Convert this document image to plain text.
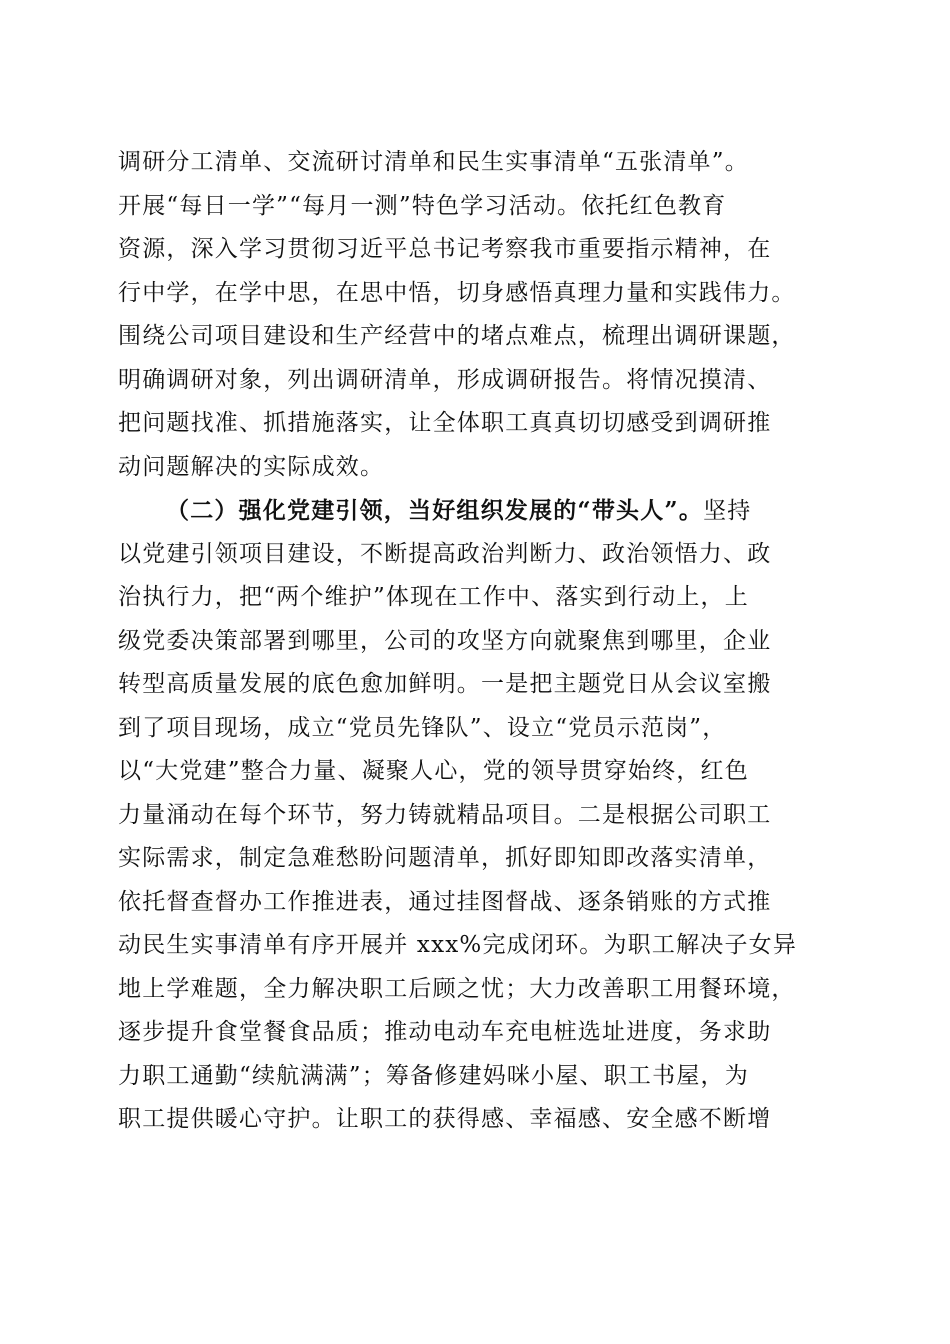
调研分工清单、交流研讨清单和民生实事清单“五张清单”。
开展“每日一学”“每月一测”特色学习活动。依托红色教育
资源，深入学习贯彻习近平总书记考察我市重要指示精神，在
行中学，在学中思，在思中悟，切身感悟真理力量和实践伟力。
围绕公司项目建设和生产经营中的堵点难点，梳理出调研课题，
明确调研对象，列出调研清单，形成调研报告。将情况摸清、
把问题找准、抓措施落实，让全体职工真真切切感受到调研推
动问题解决的实际成效。
（二）强化党建引领，当好组织发展的“带头人”。坚持
以党建引领项目建设，不断提高政治判断力、政治领悟力、政
治执行力，把“两个维护”体现在工作中、落实到行动上，上
级党委决策部署到哪里，公司的攻坚方向就聚焦到哪里，企业
转型高质量发展的底色愈加鲜明。一是把主题党日从会议室搬
到了项目现场，成立“党员先锋队”、设立“党员示范岗”，
以“大党建”整合力量、凝聚人心，党的领导贯穿始终，红色
力量涌动在每个环节，努力铸就精品项目。二是根据公司职工
实际需求，制定急难愁盼问题清单，抓好即知即改落实清单，
依托督查督办工作推进表，通过挂图督战、逐条销账的方式推
动民生实事清单有序开展并 xxx%完成闭环。为职工解决子女异
地上学难题，全力解决职工后顾之忧；大力改善职工用餐环境，
逐步提升食堂餐食品质；推动电动车充电桩选址进度，务求助
力职工通勤“续航满满”；筹备修建妈咪小屋、职工书屋，为
职工提供暖心守护。让职工的获得感、幸福感、安全感不断增
